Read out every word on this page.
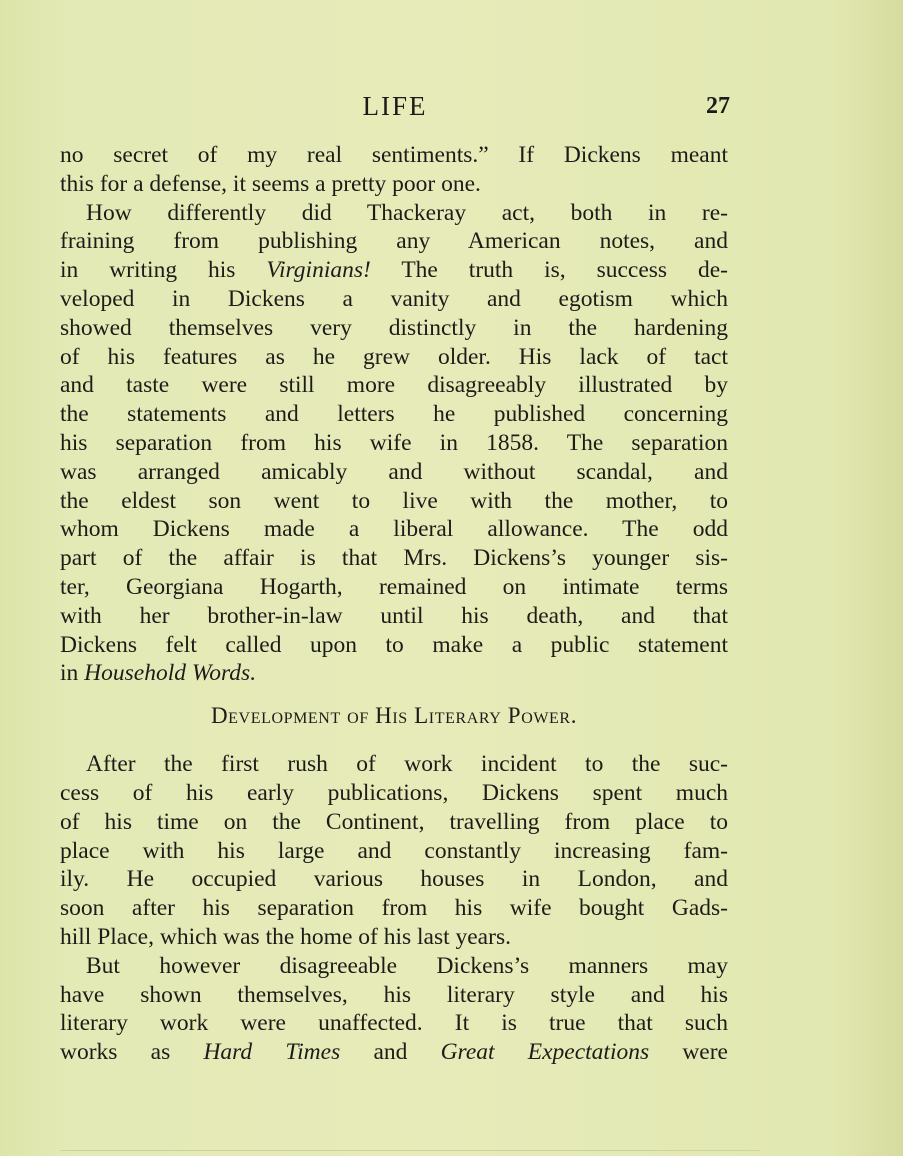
LIFE	27
no secret of my real sentiments.” If Dickens meant
this for a defense, it seems a pretty poor one.
How differently did Thackeray act, both in re-
fraining from publishing any American notes, and
in writing his Virginians! The truth is, success de-
veloped in Dickens a vanity and egotism which
showed themselves very distinctly in the hardening
of his features as he grew older. His lack of tact
and taste were still more disagreeably illustrated by
the statements and letters he published concerning
his separation from his wife in 1858. The separation
was arranged amicably and without scandal, and
the eldest son went to live with the mother, to
whom Dickens made a liberal allowance. The odd
part of the affair is that Mrs. Dickens’s younger sis-
ter, Georgiana Hogarth, remained on intimate terms
with her brother-in-law until his death, and that
Dickens felt called upon to make a public statement
in Household Words.
Development of His Literary Power.
After the first rush of work incident to the suc-
cess of his early publications, Dickens spent much
of his time on the Continent, travelling from place to
place with his large and constantly increasing fam-
ily. He occupied various houses in London, and
soon after his separation from his wife bought Gads-
hill Place, which was the home of his last years.
But however disagreeable Dickens’s manners may
have shown themselves, his literary style and his
literary work were unaffected. It is true that such
works as Hard Times and Great Expectations were
